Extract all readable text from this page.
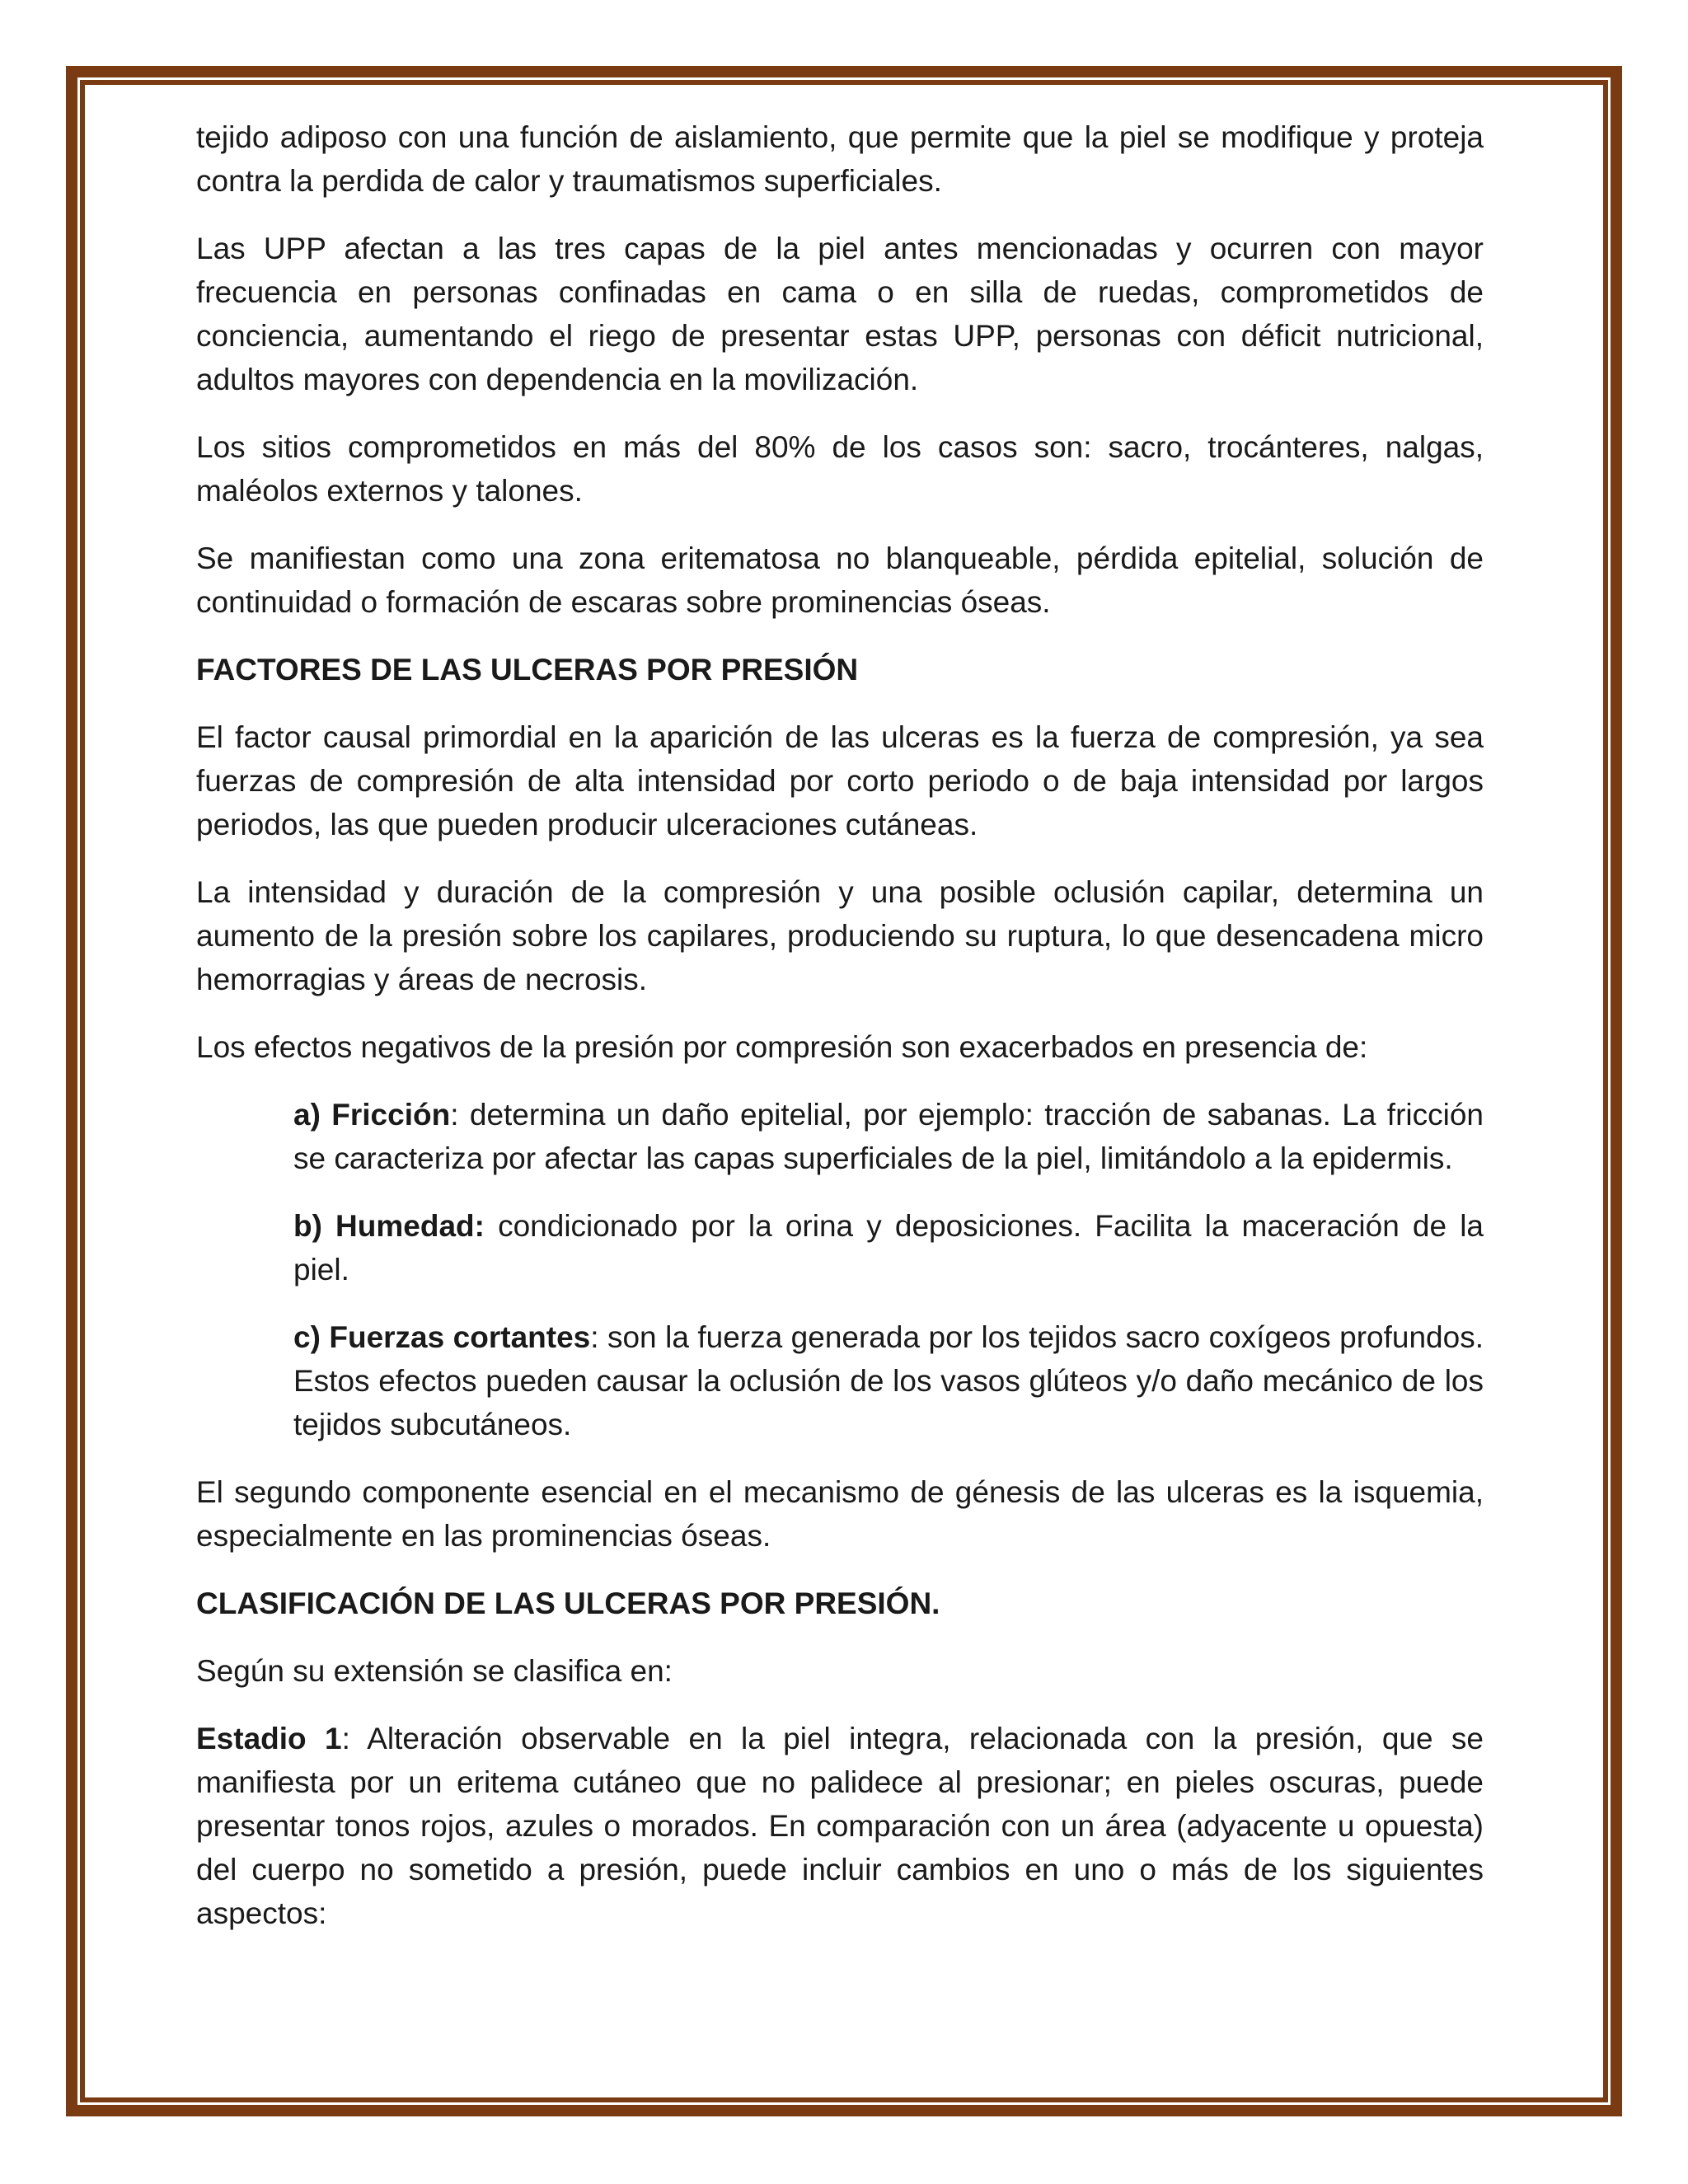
tejido adiposo con una función de aislamiento, que permite que la piel se modifique y proteja contra la perdida de calor y traumatismos superficiales.

Las UPP afectan a las tres capas de la piel antes mencionadas y ocurren con mayor frecuencia en personas confinadas en cama o en silla de ruedas, comprometidos de conciencia, aumentando el riego de presentar estas UPP, personas con déficit nutricional, adultos mayores con dependencia en la movilización.

Los sitios comprometidos en más del 80% de los casos son: sacro, trocánteres, nalgas, maléolos externos y talones.

Se manifiestan como una zona eritematosa no blanqueable, pérdida epitelial, solución de continuidad o formación de escaras sobre prominencias óseas.

FACTORES DE LAS ULCERAS POR PRESIÓN

El factor causal primordial en la aparición de las ulceras es la fuerza de compresión, ya sea fuerzas de compresión de alta intensidad por corto periodo o de baja intensidad por largos periodos, las que pueden producir ulceraciones cutáneas.

La intensidad y duración de la compresión y una posible oclusión capilar, determina un aumento de la presión sobre los capilares, produciendo su ruptura, lo que desencadena micro hemorragias y áreas de necrosis.

Los efectos negativos de la presión por compresión son exacerbados en presencia de:

a) Fricción: determina un daño epitelial, por ejemplo: tracción de sabanas. La fricción se caracteriza por afectar las capas superficiales de la piel, limitándolo a la epidermis.

b) Humedad: condicionado por la orina y deposiciones. Facilita la maceración de la piel.

c) Fuerzas cortantes: son la fuerza generada por los tejidos sacro coxígeos profundos. Estos efectos pueden causar la oclusión de los vasos glúteos y/o daño mecánico de los tejidos subcutáneos.

El segundo componente esencial en el mecanismo de génesis de las ulceras es la isquemia, especialmente en las prominencias óseas.

CLASIFICACIÓN DE LAS ULCERAS POR PRESIÓN.

Según su extensión se clasifica en:

Estadio 1: Alteración observable en la piel integra, relacionada con la presión, que se manifiesta por un eritema cutáneo que no palidece al presionar; en pieles oscuras, puede presentar tonos rojos, azules o morados. En comparación con un área (adyacente u opuesta) del cuerpo no sometido a presión, puede incluir cambios en uno o más de los siguientes aspectos:
